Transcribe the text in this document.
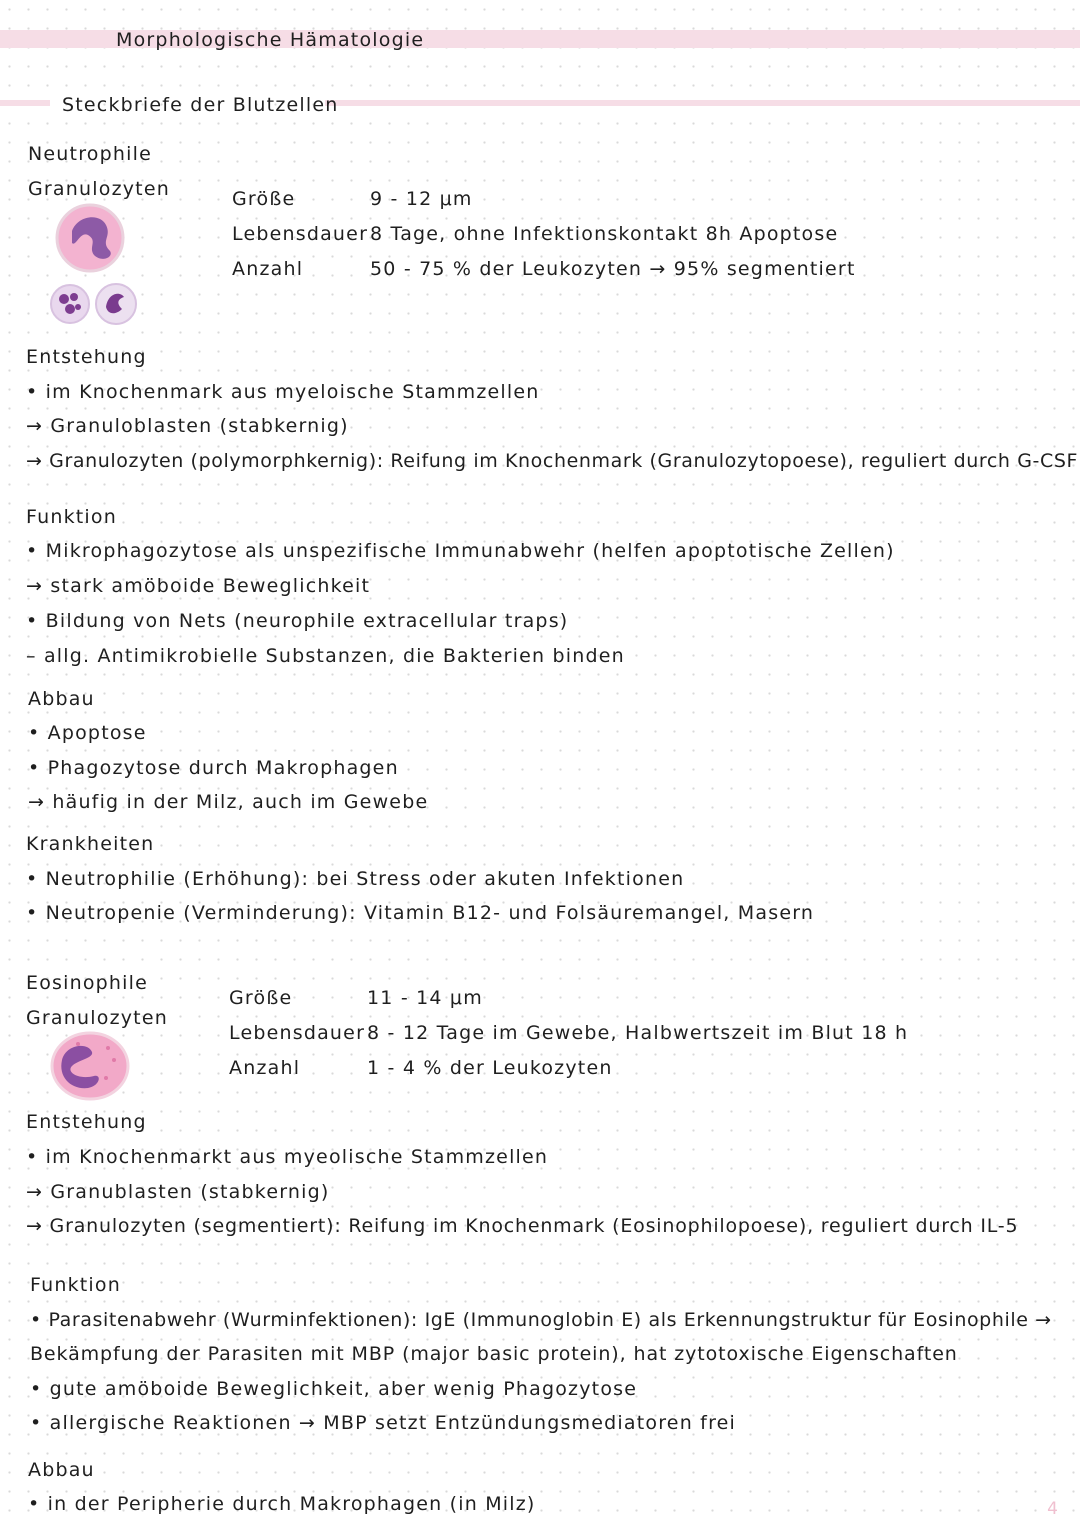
Morphologische Hämatologie
Steckbriefe der Blutzellen
Neutrophile
Granulozyten	Größe	9 - 12 μm
Lebensdauer 8 Tage, ohne Infektionskontakt 8h Apoptose
Anzahl	50 - 75 % der Leukozyten → 95% segmentiert
Entstehung
• im Knochenmark aus myeloische Stammzellen
→ Granuloblasten (stabkernig)
→ Granulozyten (polymorphkernig): Reifung im Knochenmark (Granulozytopoese), reguliert durch G-CSF
Funktion
• Mikrophagozytose als unspezifische Immunabwehr (helfen apoptotische Zellen)
→ stark amöboide Beweglichkeit
• Bildung von Nets (neurophile extracellular traps)
– allg. Antimikrobielle Substanzen, die Bakterien binden
Abbau
• Apoptose
• Phagozytose durch Makrophagen
→ häufig in der Milz, auch im Gewebe
Krankheiten
• Neutrophilie (Erhöhung): bei Stress oder akuten Infektionen
• Neutropenie (Verminderung): Vitamin B12- und Folsäuremangel, Masern
Eosinophile
Granulozyten
Größe	11 - 14 μm
Lebensdauer 8 - 12 Tage im Gewebe, Halbwertszeit im Blut 18 h
Anzahl	1 - 4 % der Leukozyten
Entstehung
• im Knochenmarkt aus myeolische Stammzellen
→ Granublasten (stabkernig)
→ Granulozyten (segmentiert): Reifung im Knochenmark (Eosinophilopoese), reguliert durch IL-5
Funktion
• Parasitenabwehr (Wurminfektionen): IgE (Immunoglobin E) als Erkennungstruktur für Eosinophile →
Bekämpfung der Parasiten mit MBP (major basic protein), hat zytotoxische Eigenschaften
• gute amöboide Beweglichkeit, aber wenig Phagozytose
• allergische Reaktionen → MBP setzt Entzündungsmediatoren frei
Abbau
• in der Peripherie durch Makrophagen (in Milz)	4
